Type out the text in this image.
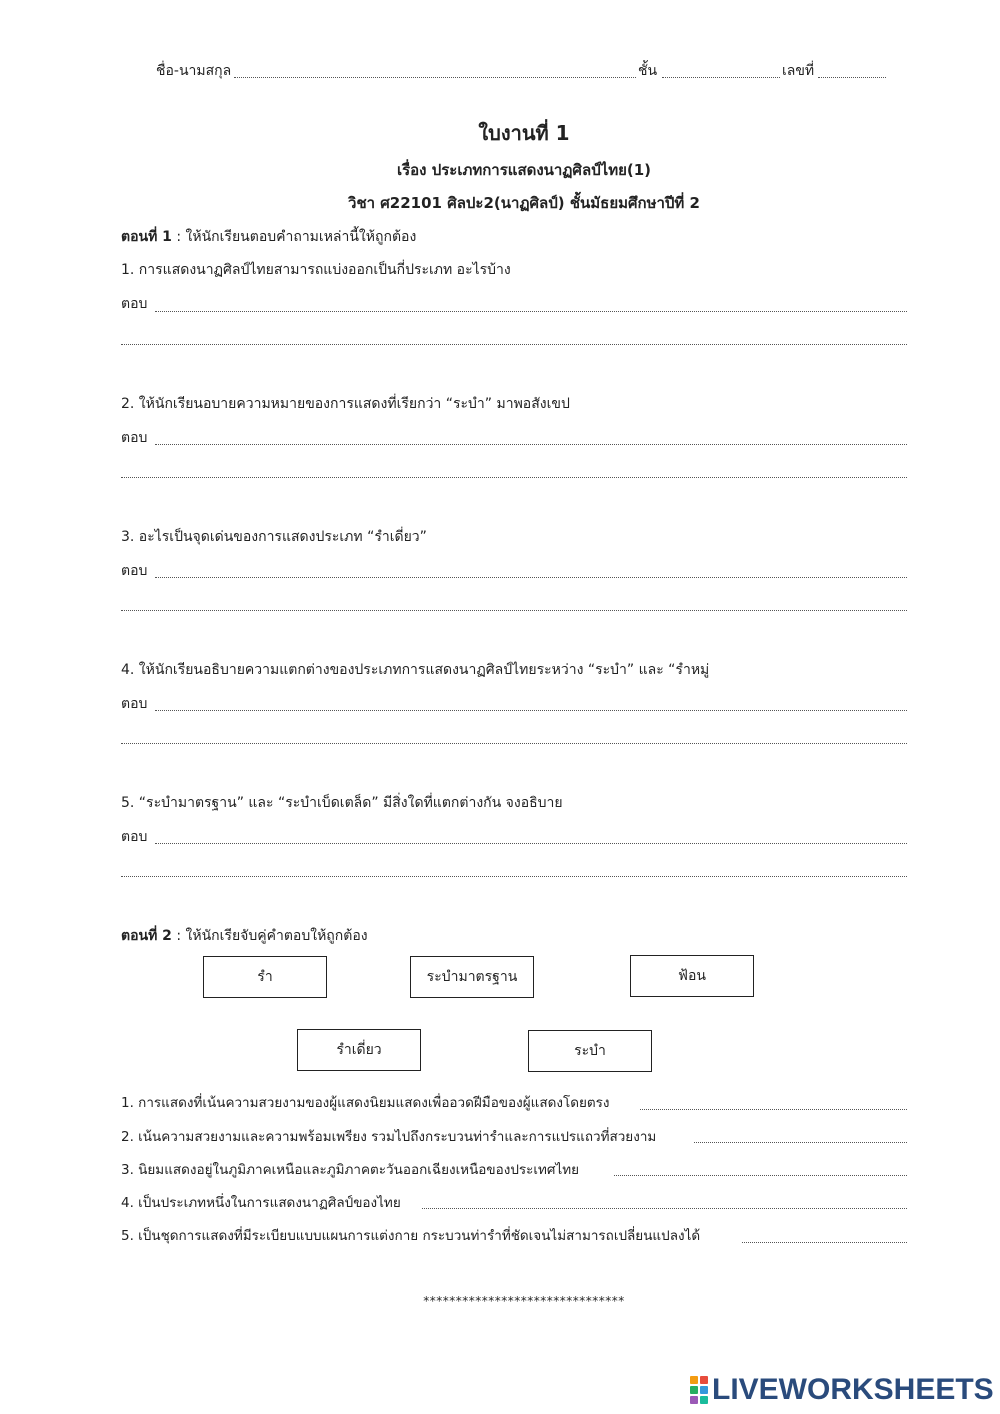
ชื่อ-นามสกุล	ชั้น	เลขที่
ใบงานที่ 1
เรื่อง ประเภทการแสดงนาฏศิลป์ไทย(1)
วิชา ศ22101 ศิลปะ2(นาฏศิลป์) ชั้นมัธยมศึกษาปีที่ 2
ตอนที่ 1 : ให้นักเรียนตอบคำถามเหล่านี้ให้ถูกต้อง
1. การแสดงนาฏศิลป์ไทยสามารถแบ่งออกเป็นกี่ประเภท อะไรบ้าง
ตอบ
2. ให้นักเรียนอบายความหมายของการแสดงที่เรียกว่า “ระบำ” มาพอสังเขป
ตอบ
3. อะไรเป็นจุดเด่นของการแสดงประเภท “รำเดี่ยว”
ตอบ
4. ให้นักเรียนอธิบายความแตกต่างของประเภทการแสดงนาฏศิลป์ไทยระหว่าง “ระบำ” และ “รำหมู่
ตอบ
5. “ระบำมาตรฐาน” และ “ระบำเบ็ดเตล็ด” มีสิ่งใดที่แตกต่างกัน จงอธิบาย
ตอบ
ตอนที่ 2 : ให้นักเรียจับคู่คำตอบให้ถูกต้อง
รำ	ระบำมาตรฐาน	ฟ้อน
รำเดี่ยว	ระบำ
1. การแสดงที่เน้นความสวยงามของผู้แสดงนิยมแสดงเพื่ออวดฝีมือของผู้แสดงโดยตรง
2. เน้นความสวยงามและความพร้อมเพรียง รวมไปถึงกระบวนท่ารำและการแปรแถวที่สวยงาม
3. นิยมแสดงอยู่ในภูมิภาคเหนือและภูมิภาคตะวันออกเฉียงเหนือของประเทศไทย
4. เป็นประเภทหนึ่งในการแสดงนาฏศิลป์ของไทย
5. เป็นชุดการแสดงที่มีระเบียบแบบแผนการแต่งกาย กระบวนท่ารำที่ชัดเจนไม่สามารถเปลี่ยนแปลงได้
*******************************
LIVEWORKSHEETS
